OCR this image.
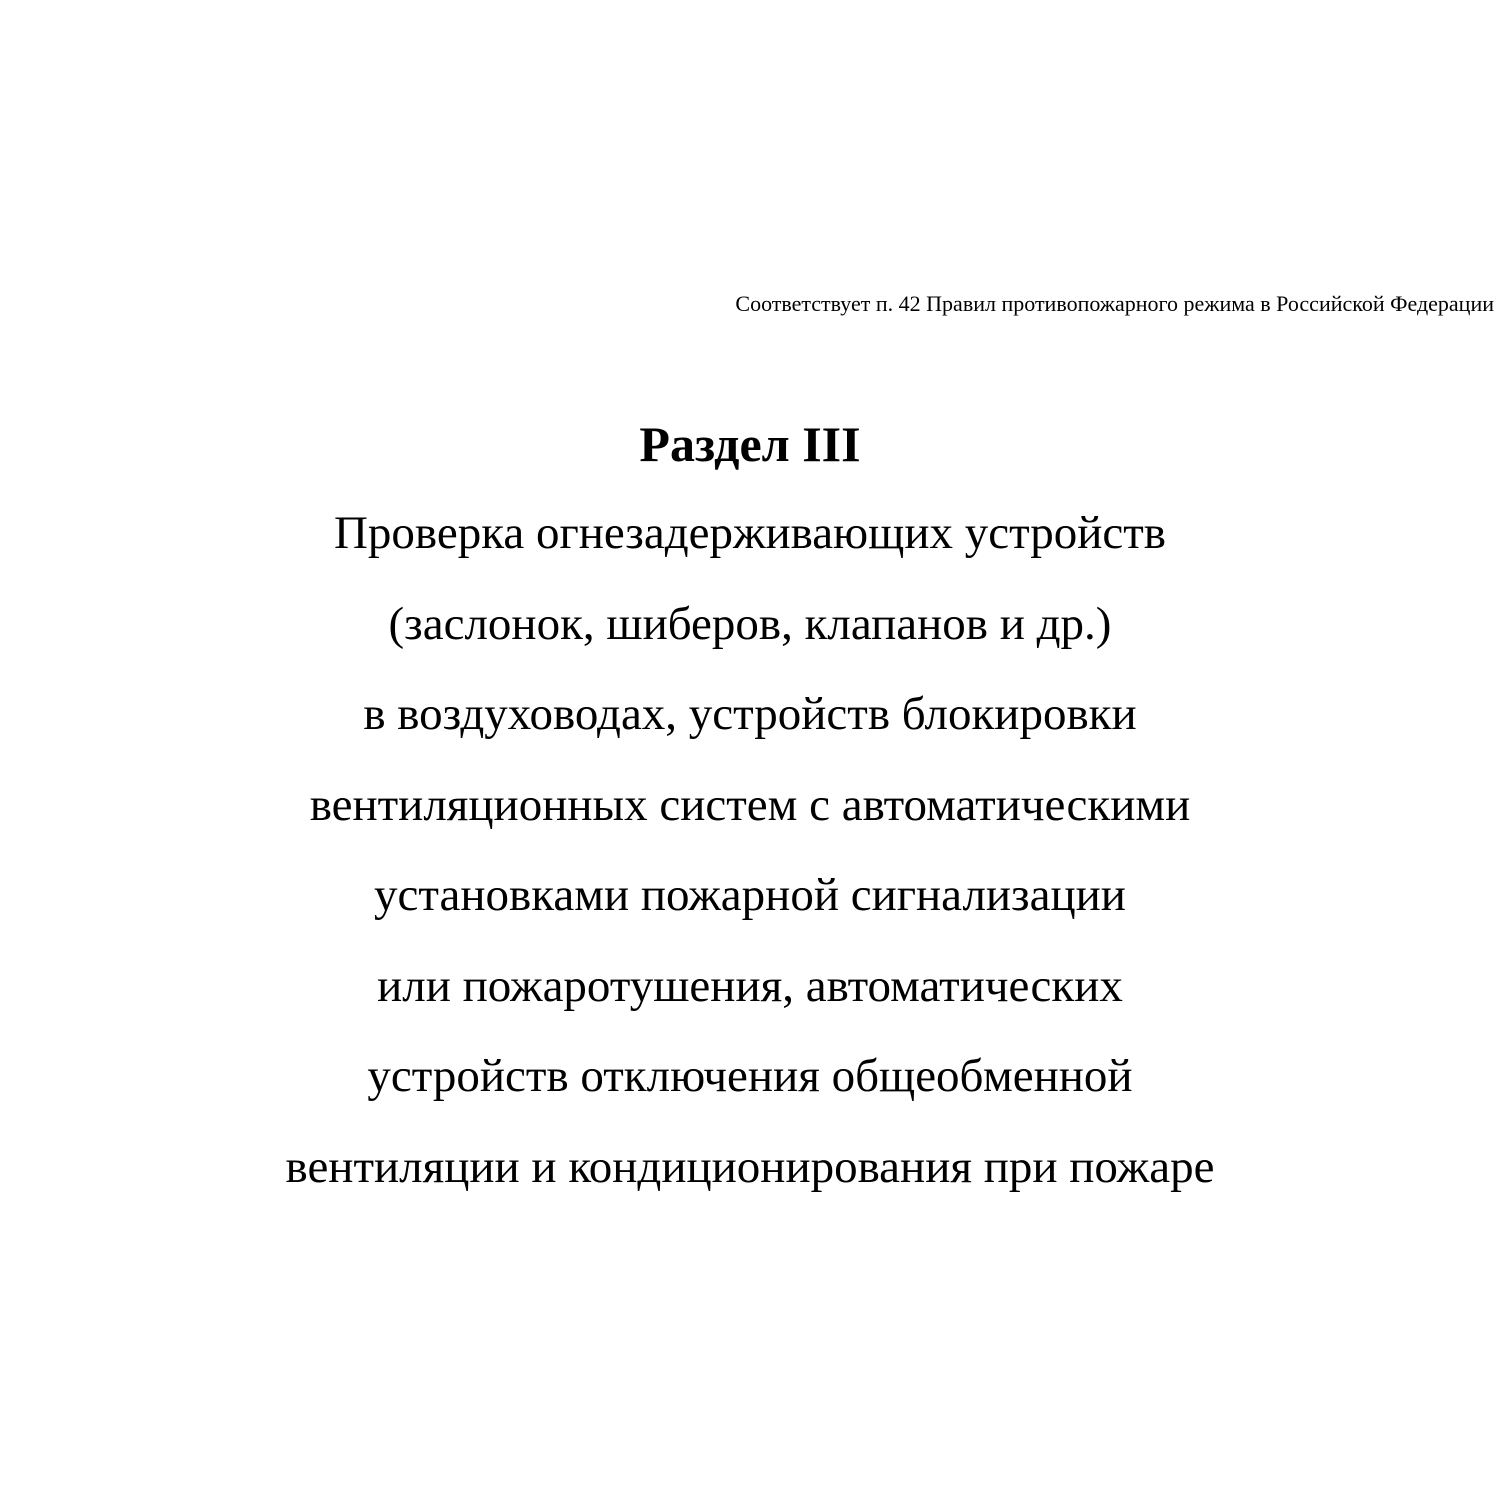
Соответствует п. 42 Правил противопожарного режима в Российской Федерации
Раздел III
Проверка огнезадерживающих устройств
(заслонок, шиберов, клапанов и др.)
в воздуховодах, устройств блокировки
вентиляционных систем с автоматическими
установками пожарной сигнализации
или пожаротушения, автоматических
устройств отключения общеобменной
вентиляции и кондиционирования при пожаре
